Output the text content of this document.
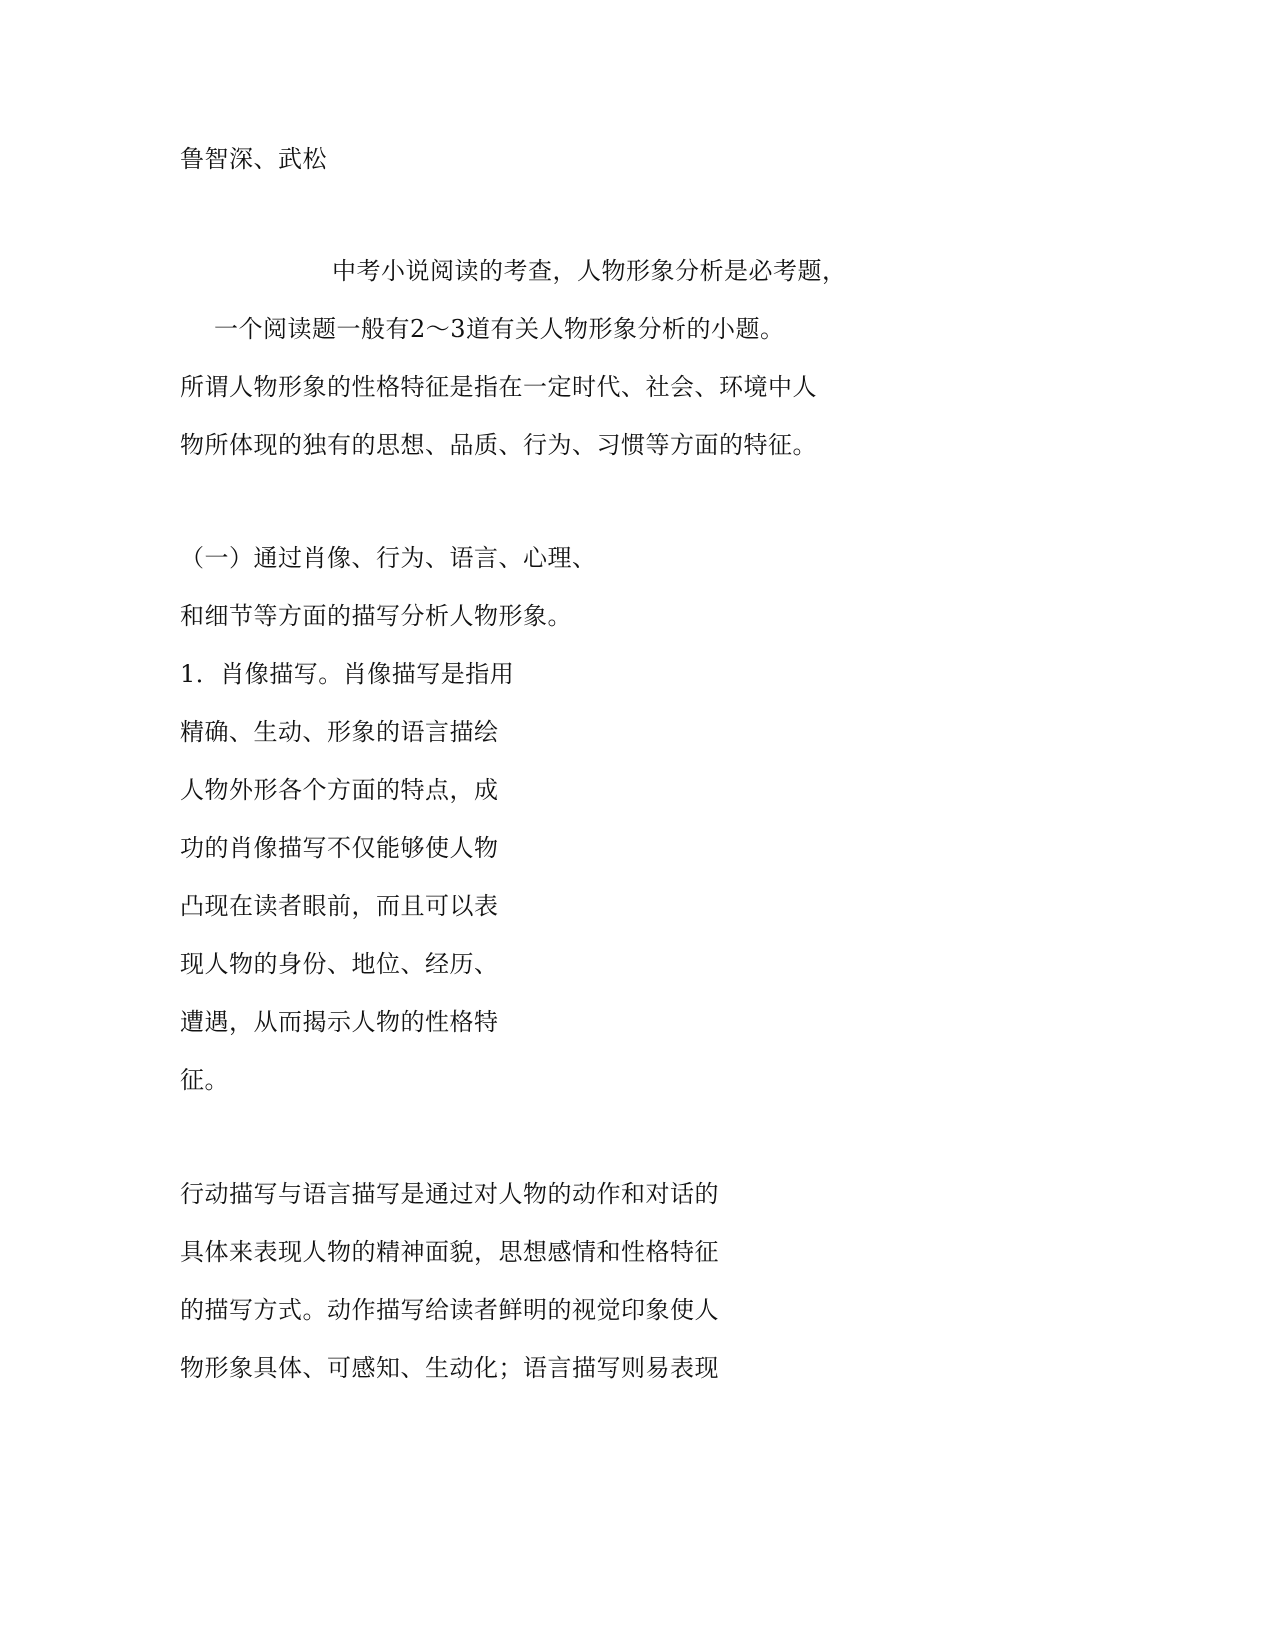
鲁智深、武松
中考小说阅读的考查，人物形象分析是必考题，
一个阅读题一般有2～3道有关人物形象分析的小题。
所谓人物形象的性格特征是指在一定时代、社会、环境中人
物所体现的独有的思想、品质、行为、习惯等方面的特征。
（一）通过肖像、行为、语言、心理、
和细节等方面的描写分析人物形象。
1．肖像描写。肖像描写是指用
精确、生动、形象的语言描绘
人物外形各个方面的特点，成
功的肖像描写不仅能够使人物
凸现在读者眼前，而且可以表
现人物的身份、地位、经历、
遭遇，从而揭示人物的性格特
征。
行动描写与语言描写是通过对人物的动作和对话的
具体来表现人物的精神面貌，思想感情和性格特征
的描写方式。动作描写给读者鲜明的视觉印象使人
物形象具体、可感知、生动化；语言描写则易表现
